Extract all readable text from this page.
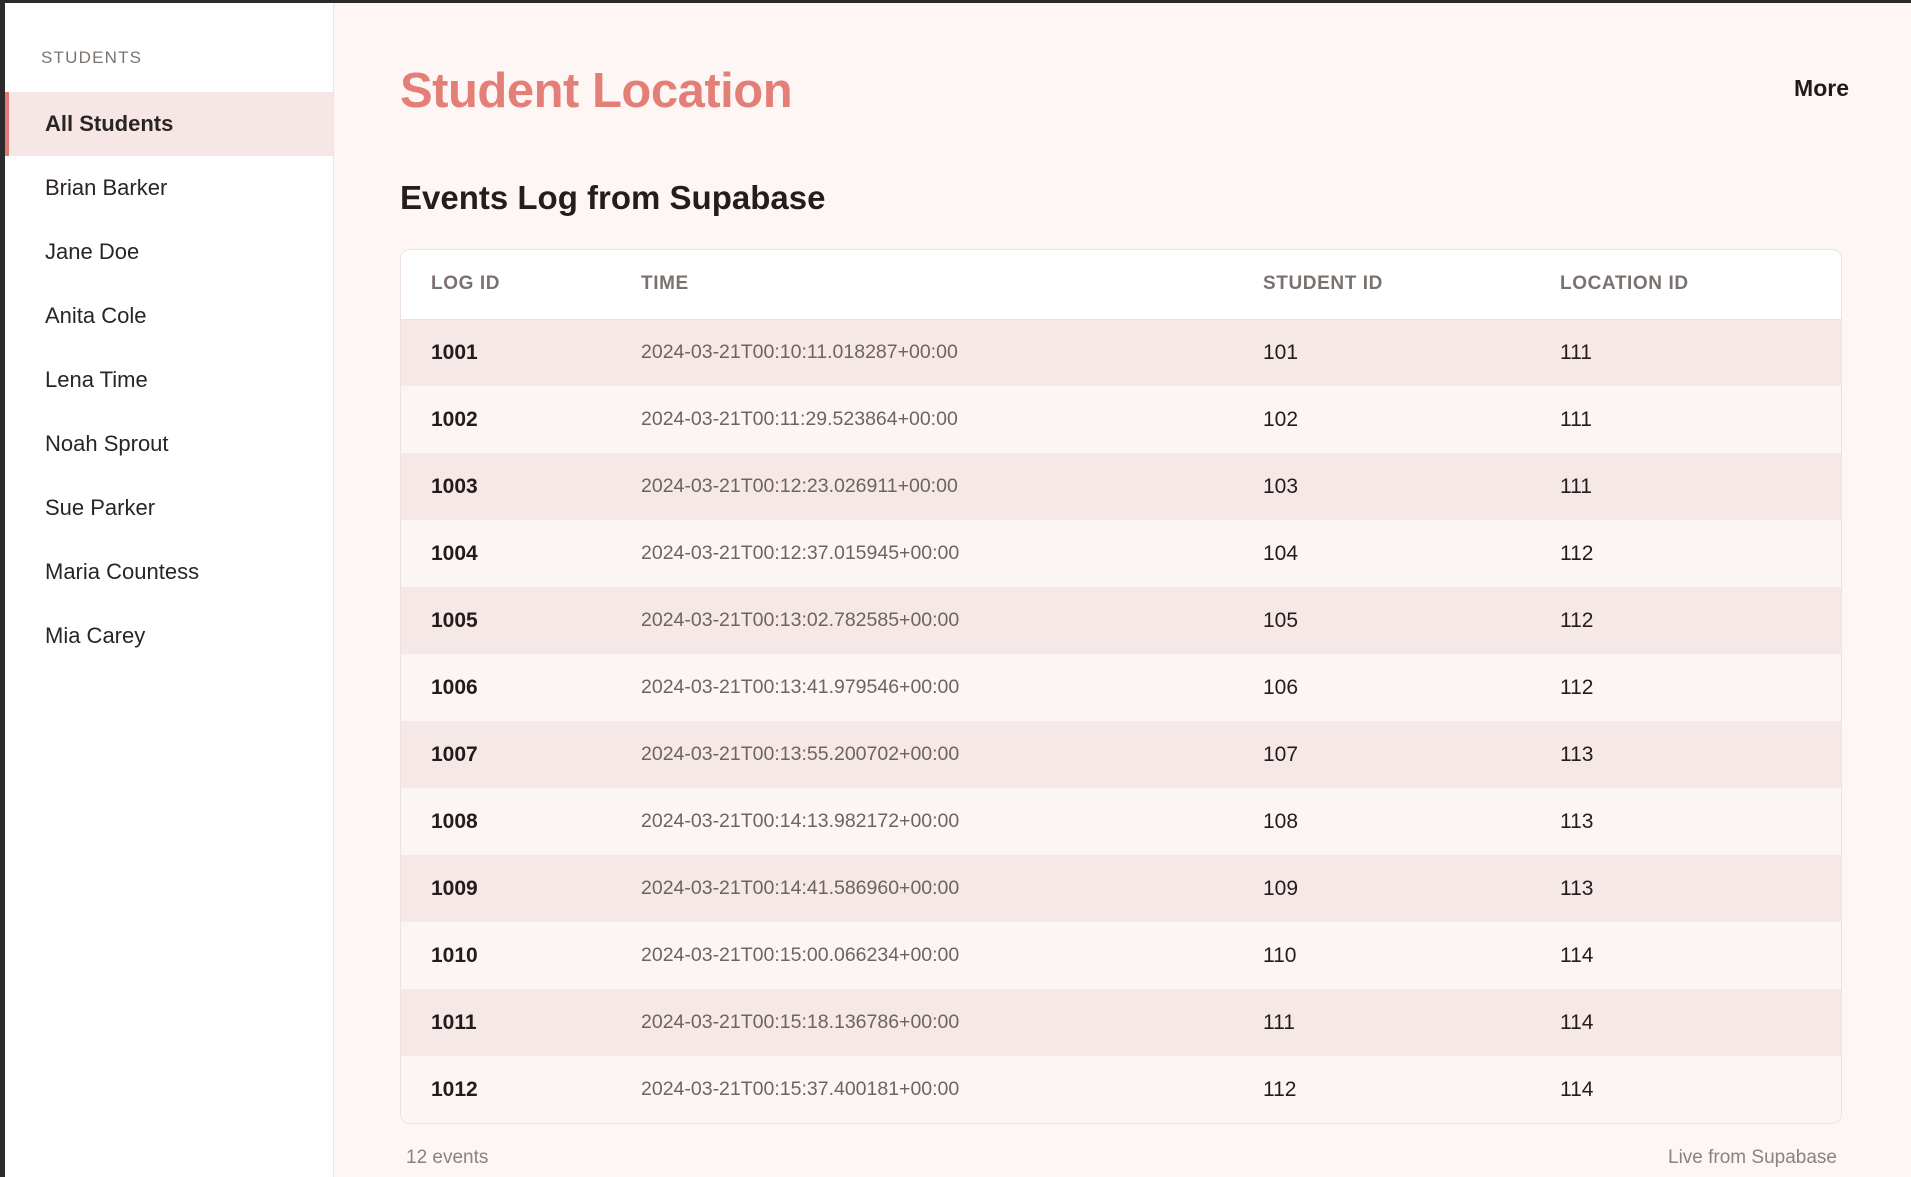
STUDENTS
All Students
Brian Barker
Jane Doe
Anita Cole
Lena Time
Noah Sprout
Sue Parker
Maria Countess
Mia Carey
Student Location	More
Events Log from Supabase
LOG ID	TIME	STUDENT ID	LOCATION ID
1001	2024-03-21T00:10:11.018287+00:00	101	111
1002	2024-03-21T00:11:29.523864+00:00	102	111
1003	2024-03-21T00:12:23.026911+00:00	103	111
1004	2024-03-21T00:12:37.015945+00:00	104	112
1005	2024-03-21T00:13:02.782585+00:00	105	112
1006	2024-03-21T00:13:41.979546+00:00	106	112
1007	2024-03-21T00:13:55.200702+00:00	107	113
1008	2024-03-21T00:14:13.982172+00:00	108	113
1009	2024-03-21T00:14:41.586960+00:00	109	113
1010	2024-03-21T00:15:00.066234+00:00	110	114
1011	2024-03-21T00:15:18.136786+00:00	111	114
1012	2024-03-21T00:15:37.400181+00:00	112	114
12 events	Live from Supabase
